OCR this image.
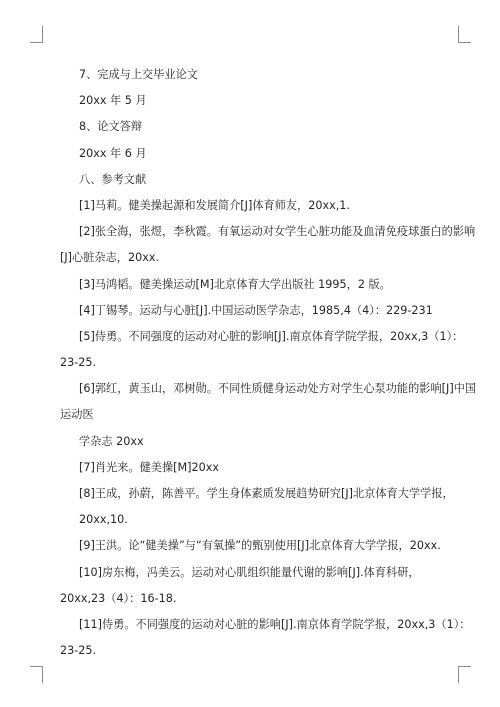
7、完成与上交毕业论文
20xx 年 5 月
8、论文答辩
20xx 年 6 月
八、参考文献
[1]马莉。健美操起源和发展简介[J]体育师友，20xx,1.
[2]张全海，张煜，李秋霞。有氧运动对女学生心脏功能及血清免疫球蛋白的影响
[J]心脏杂志，20xx.
[3]马鸿韬。健美操运动[M]北京体育大学出版社 1995，2 版。
[4]丁锡琴。运动与心脏[J].中国运动医学杂志，1985,4（4）：229-231
[5]侍勇。不同强度的运动对心脏的影响[J].南京体育学院学报，20xx,3（1）：
23-25.
[6]郭红，黄玉山，邓树勋。不同性质健身运动处方对学生心泵功能的影响[J]中国
运动医
学杂志 20xx
[7]肖光来。健美操[M]20xx
[8]王成，孙蔚，陈善平。学生身体素质发展趋势研究[J]北京体育大学学报，
20xx,10.
[9]王洪。论“健美操”与“有氧操”的甄别使用[J]北京体育大学学报，20xx.
[10]房东梅，冯美云。运动对心肌组织能量代谢的影响[J].体育科研，
20xx,23（4）：16-18.
[11]侍勇。不同强度的运动对心脏的影响[J].南京体育学院学报，20xx,3（1）：
23-25.
